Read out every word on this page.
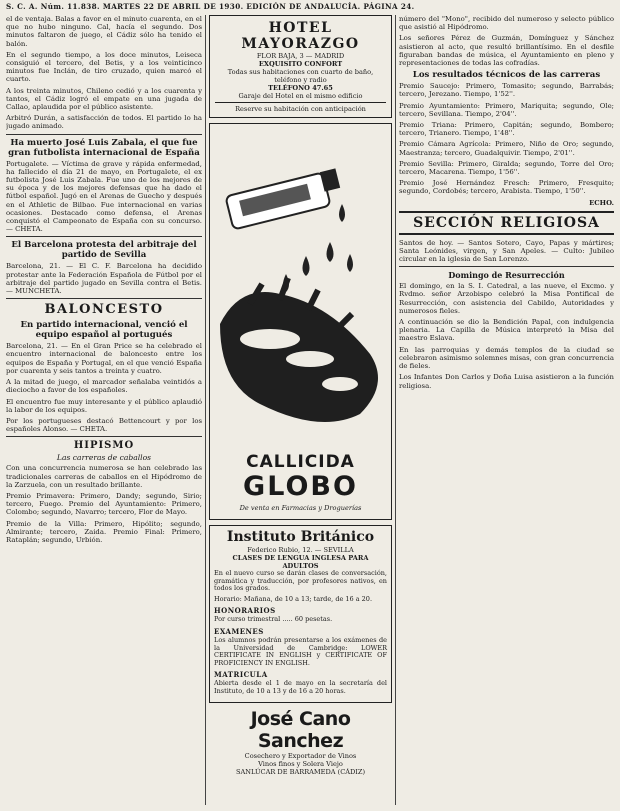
S. C. A. Núm. 11.838. MARTES 22 DE ABRIL DE 1930. EDICIÓN DE ANDALUCÍA. PÁGINA 24.

el de ventaja. Balas a favor en el minuto cuarenta, en el que no hubo ninguno. Cal, hacía el segundo. Dos minutos faltaron de juego, el Cádiz sólo ha tenido el balón.

En el segundo tiempo, a los doce minutos, Leiseca consiguió el tercero, del Betis, y a los veinticinco minutos fue Inclán, de tiro cruzado, quien marcó el cuarto.

A los treinta minutos, Chileno cedió y a los cuarenta y tantos, el Cádiz logró el empate en una jugada de Callao, aplaudida por el público asistente.

Arbitró Durán, a satisfacción de todos. El partido lo ha jugado animado.

Ha muerto José Luis Zabala, el que fue gran futbolista internacional de España

Portugalete. — Víctima de grave y rápida enfermedad, ha fallecido el día 21 de mayo, en Portugalete, el ex futbolista José Luis Zabala. Fue uno de los mejores de su época y de los mejores defensas que ha dado el fútbol español. Jugó en el Arenas de Guecho y después en el Athletic de Bilbao. Fue internacional en varias ocasiones. Destacado como defensa, el Arenas conquistó el Campeonato de España con su concurso. — CHETA.

El Barcelona protesta del arbitraje del partido de Sevilla

Barcelona, 21. — El C. F. Barcelona ha decidido protestar ante la Federación Española de Fútbol por el arbitraje del partido jugado en Sevilla contra el Betis. — MUNCHETA.

BALONCESTO
En partido internacional, venció el equipo español al portugués

Barcelona, 21. — En el Gran Price se ha celebrado el encuentro internacional de baloncesto entre los equipos de España y Portugal, en el que venció España por cuarenta y seis tantos a treinta y cuatro.

A la mitad de juego, el marcador señalaba veintidós a dieciocho a favor de los españoles.

El encuentro fue muy interesante y el público aplaudió la labor de los equipos.

Por los portugueses destacó Bettencourt y por los españoles Alonso. — CHETA.

HIPISMO
Las carreras de caballos

Con una concurrencia numerosa se han celebrado las tradicionales carreras de caballos en el Hipódromo de la Zarzuela, con un resultado brillante.

Premio Primavera: Primero, Dandy; segundo, Sirio; tercero, Fuego. Premio del Ayuntamiento: Primero, Colombo; segundo, Navarro; tercero, Flor de Mayo.

Premio de la Villa: Primero, Hipólito; segundo, Almirante; tercero, Zaida. Premio Final: Primero, Rataplán; segundo, Urbión.

HOTEL MAYORAZGO
FLOR BAJA, 3 — MADRID
EXQUISITO CONFORT
Todas sus habitaciones con cuarto de baño, teléfono y radio
TELÉFONO 47.65
Garaje del Hotel en el mismo edificio
Reserve su habitación con anticipación
CALLICIDA
GLOBO
De venta en Farmacias y Droguerías
Instituto Británico
Federico Rubio, 12. — SEVILLA
CLASES DE LENGUA INGLESA PARA ADULTOS

En el nuevo curso se darán clases de conversación, gramática y traducción, por profesores nativos, en todos los grados.

Horario: Mañana, de 10 a 13; tarde, de 16 a 20.

HONORARIOS

Por curso trimestral ..... 60 pesetas.

EXAMENES

Los alumnos podrán presentarse a los exámenes de la Universidad de Cambridge: LOWER CERTIFICATE IN ENGLISH y CERTIFICATE OF PROFICIENCY IN ENGLISH.

MATRICULA

Abierta desde el 1 de mayo en la secretaría del Instituto, de 10 a 13 y de 16 a 20 horas.

José Cano Sanchez
Cosechero y Exportador de Vinos
Vinos finos y Solera Viejo
SANLÚCAR DE BARRAMEDA (CÁDIZ)

número del "Mono", recibido del numeroso y selecto público que asistió al Hipódromo.

Los señores Pérez de Guzmán, Domínguez y Sánchez asistieron al acto, que resultó brillantísimo. En el desfile figuraban bandas de música, el Ayuntamiento en pleno y representaciones de todas las cofradías.

Los resultados técnicos de las carreras

Premio Saucejo: Primero, Tomasito; segundo, Barrabás; tercero, Jerezano. Tiempo, 1'52''.

Premio Ayuntamiento: Primero, Mariquita; segundo, Ole; tercero, Sevillana. Tiempo, 2'04''.

Premio Triana: Primero, Capitán; segundo, Bombero; tercero, Trianero. Tiempo, 1'48''.

Premio Cámara Agrícola: Primero, Niño de Oro; segundo, Maestranza; tercero, Guadalquivir. Tiempo, 2'01''.

Premio Sevilla: Primero, Giralda; segundo, Torre del Oro; tercero, Macarena. Tiempo, 1'56''.

Premio José Hernández Fresch: Primero, Fresquito; segundo, Cordobés; tercero, Arabista. Tiempo, 1'50''.

ECHO.
SECCIÓN RELIGIOSA

Santos de hoy. — Santos Sotero, Cayo, Papas y mártires; Santa Leónides, virgen, y San Apeles. — Culto: Jubileo circular en la iglesia de San Lorenzo.

Domingo de Resurrección

El domingo, en la S. I. Catedral, a las nueve, el Excmo. y Rvdmo. señor Arzobispo celebró la Misa Pontifical de Resurrección, con asistencia del Cabildo, Autoridades y numerosos fieles.

A continuación se dio la Bendición Papal, con indulgencia plenaria. La Capilla de Música interpretó la Misa del maestro Eslava.

En las parroquias y demás templos de la ciudad se celebraron asimismo solemnes misas, con gran concurrencia de fieles.

Los Infantes Don Carlos y Doña Luisa asistieron a la función religiosa.
